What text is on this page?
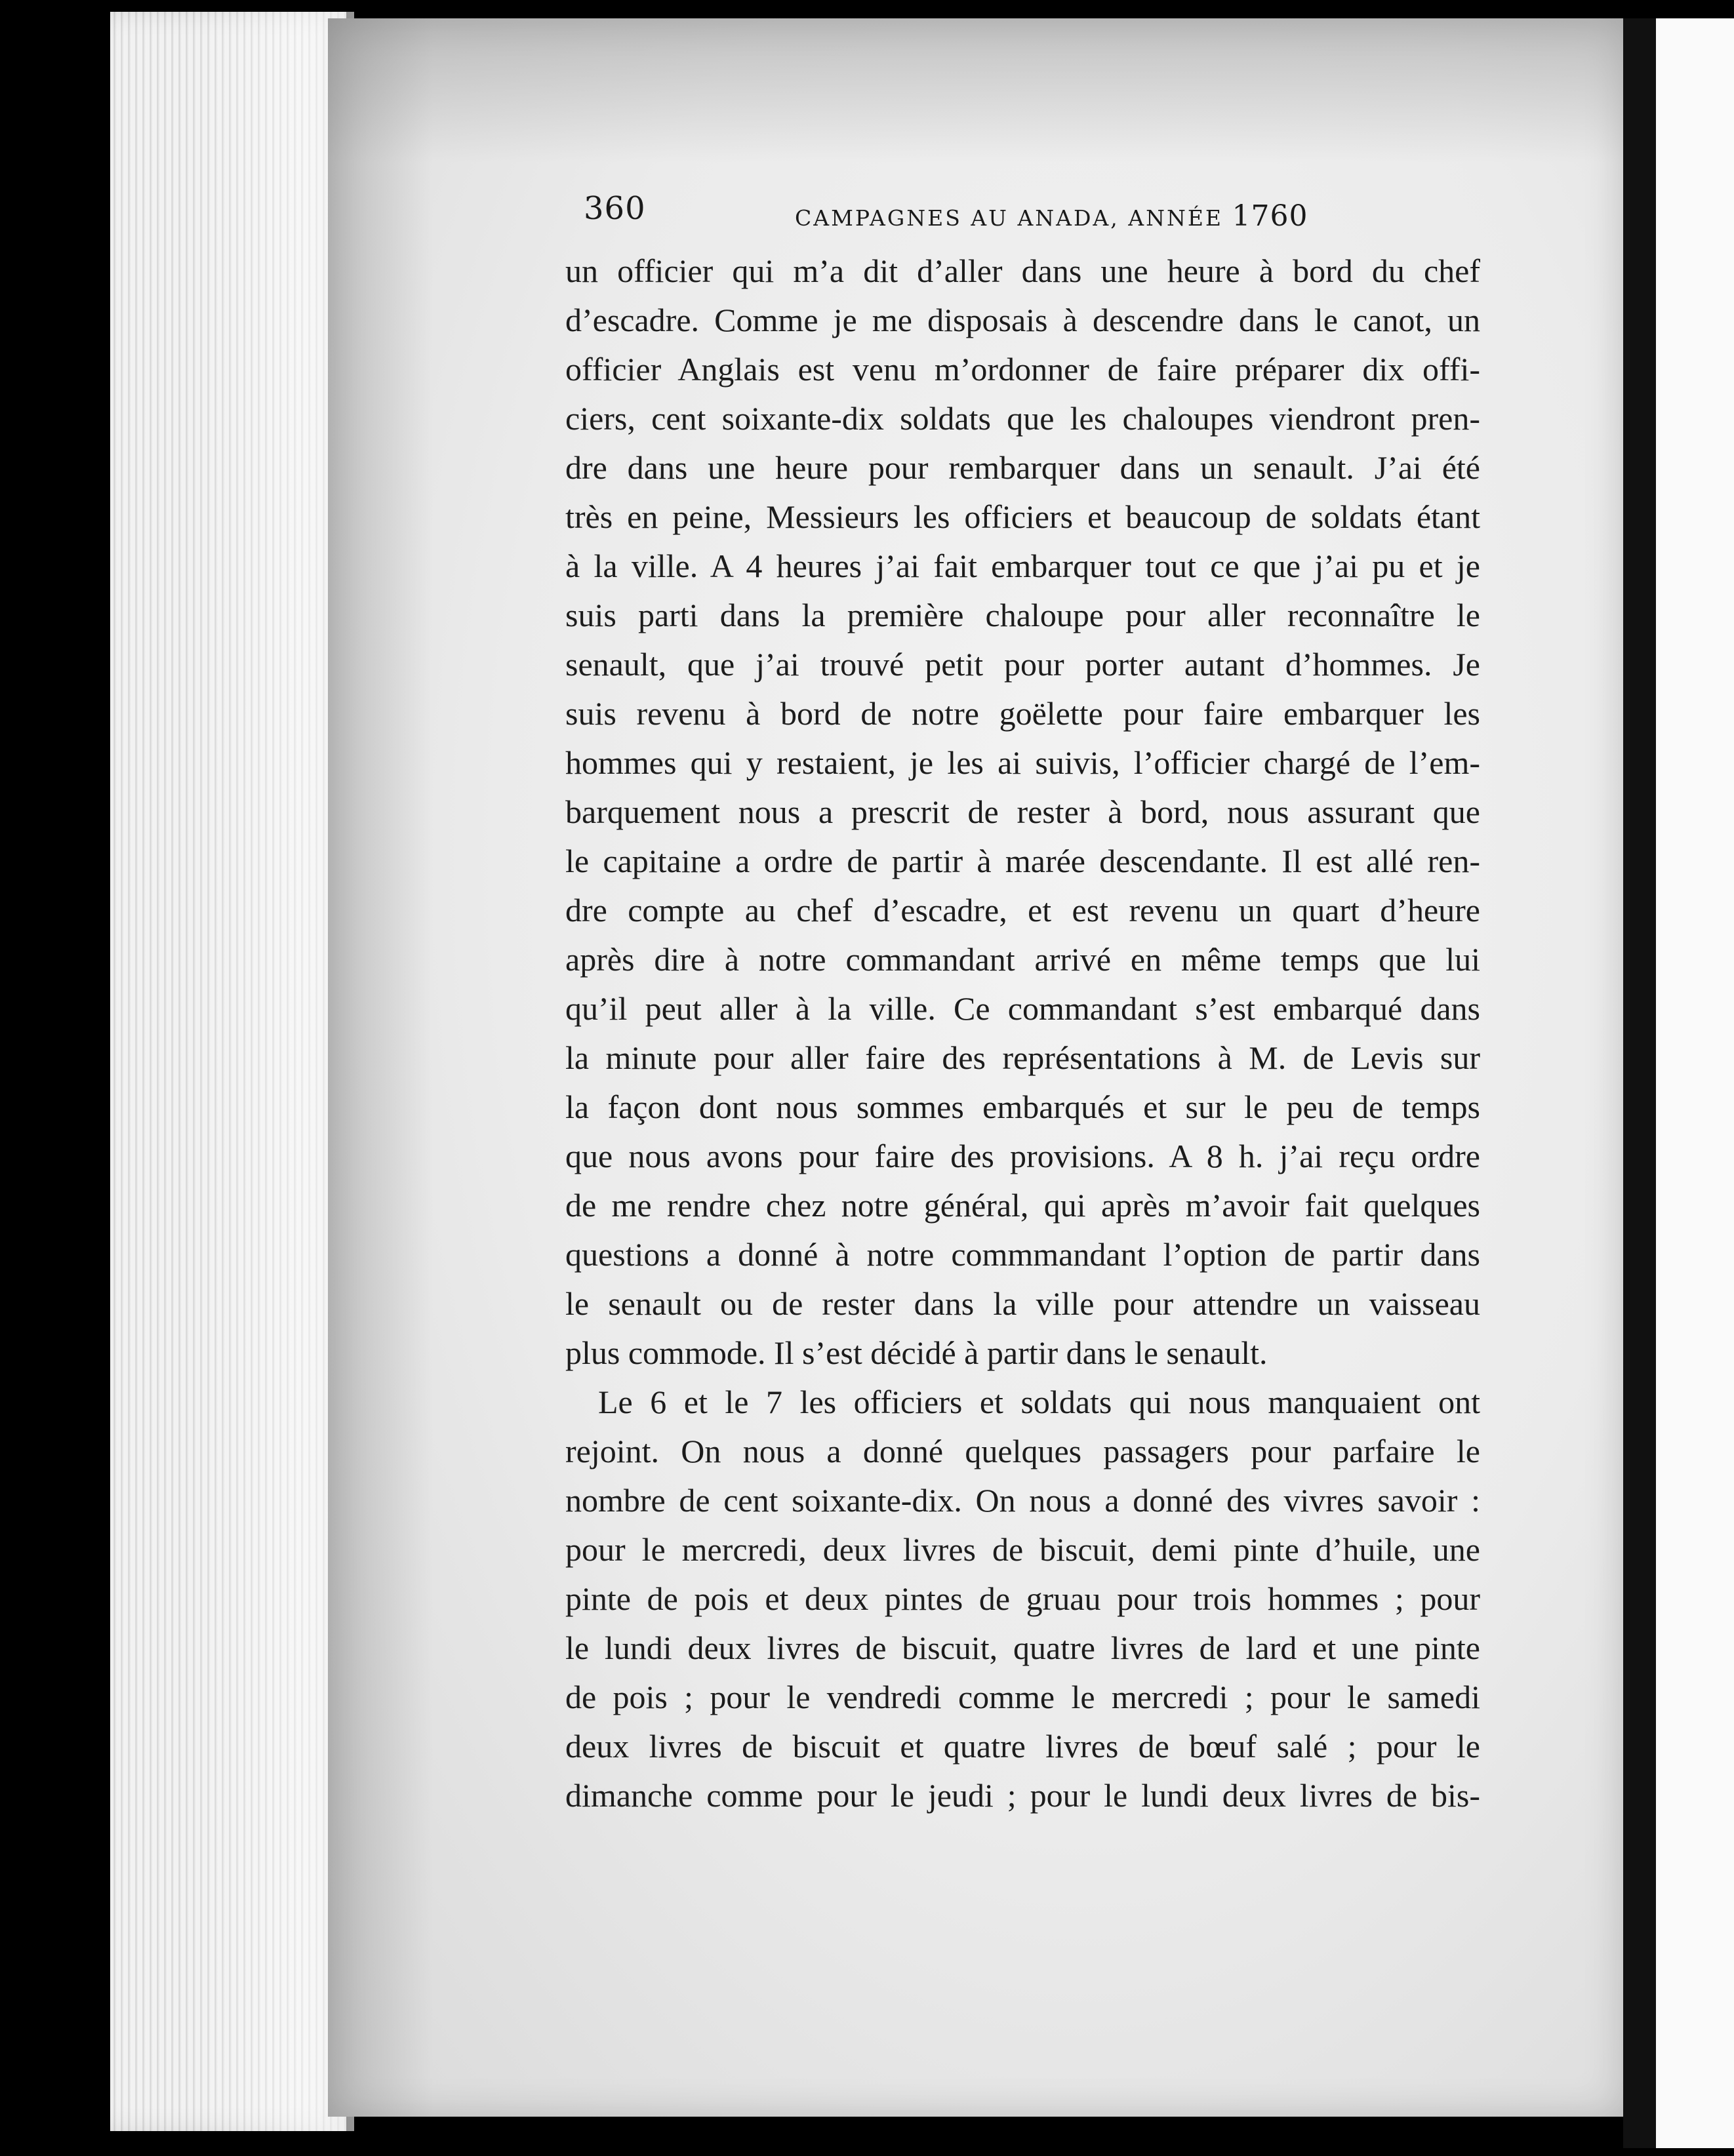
360	CAMPAGNES AU ANADA, ANNÉE 1760
un officier qui m’a dit d’aller dans une heure à bord du chef
d’escadre. Comme je me disposais à descendre dans le canot, un
officier Anglais est venu m’ordonner de faire préparer dix offi-
ciers, cent soixante-dix soldats que les chaloupes viendront pren-
dre dans une heure pour rembarquer dans un senault. J’ai été
très en peine, Messieurs les officiers et beaucoup de soldats étant
à la ville. A 4 heures j’ai fait embarquer tout ce que j’ai pu et je
suis parti dans la première chaloupe pour aller reconnaître le
senault, que j’ai trouvé petit pour porter autant d’hommes. Je
suis revenu à bord de notre goëlette pour faire embarquer les
hommes qui y restaient, je les ai suivis, l’officier chargé de l’em-
barquement nous a prescrit de rester à bord, nous assurant que
le capitaine a ordre de partir à marée descendante. Il est allé ren-
dre compte au chef d’escadre, et est revenu un quart d’heure
après dire à notre commandant arrivé en même temps que lui
qu’il peut aller à la ville. Ce commandant s’est embarqué dans
la minute pour aller faire des représentations à M. de Levis sur
la façon dont nous sommes embarqués et sur le peu de temps
que nous avons pour faire des provisions. A 8 h. j’ai reçu ordre
de me rendre chez notre général, qui après m’avoir fait quelques
questions a donné à notre commmandant l’option de partir dans
le senault ou de rester dans la ville pour attendre un vaisseau
plus commode. Il s’est décidé à partir dans le senault.
Le 6 et le 7 les officiers et soldats qui nous manquaient ont
rejoint. On nous a donné quelques passagers pour parfaire le
nombre de cent soixante-dix. On nous a donné des vivres savoir :
pour le mercredi, deux livres de biscuit, demi pinte d’huile, une
pinte de pois et deux pintes de gruau pour trois hommes ; pour
le lundi deux livres de biscuit, quatre livres de lard et une pinte
de pois ; pour le vendredi comme le mercredi ; pour le samedi
deux livres de biscuit et quatre livres de bœuf salé ; pour le
dimanche comme pour le jeudi ; pour le lundi deux livres de bis-
